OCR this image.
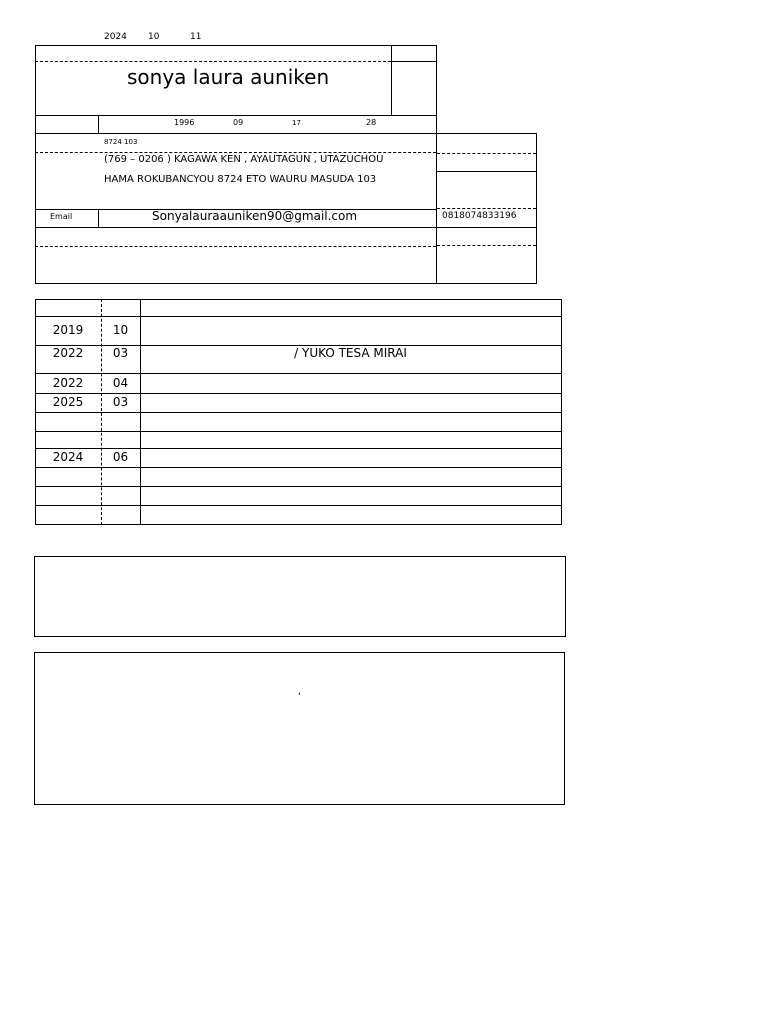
2024 10	11
sonya laura auniken
1996	09	17	28
8724 103
(769 – 0206 ) KAGAWA KEN , AYAUTAGUN , UTAZUCHOU
HAMA ROKUBANCYOU 8724 ETO WAURU MASUDA 103
Email	Sonyalauraauniken90@gmail.com	0818074833196
2019	10
2022	03	/ YUKO TESA MIRAI
2022	04
2025	03
2024	06
,
